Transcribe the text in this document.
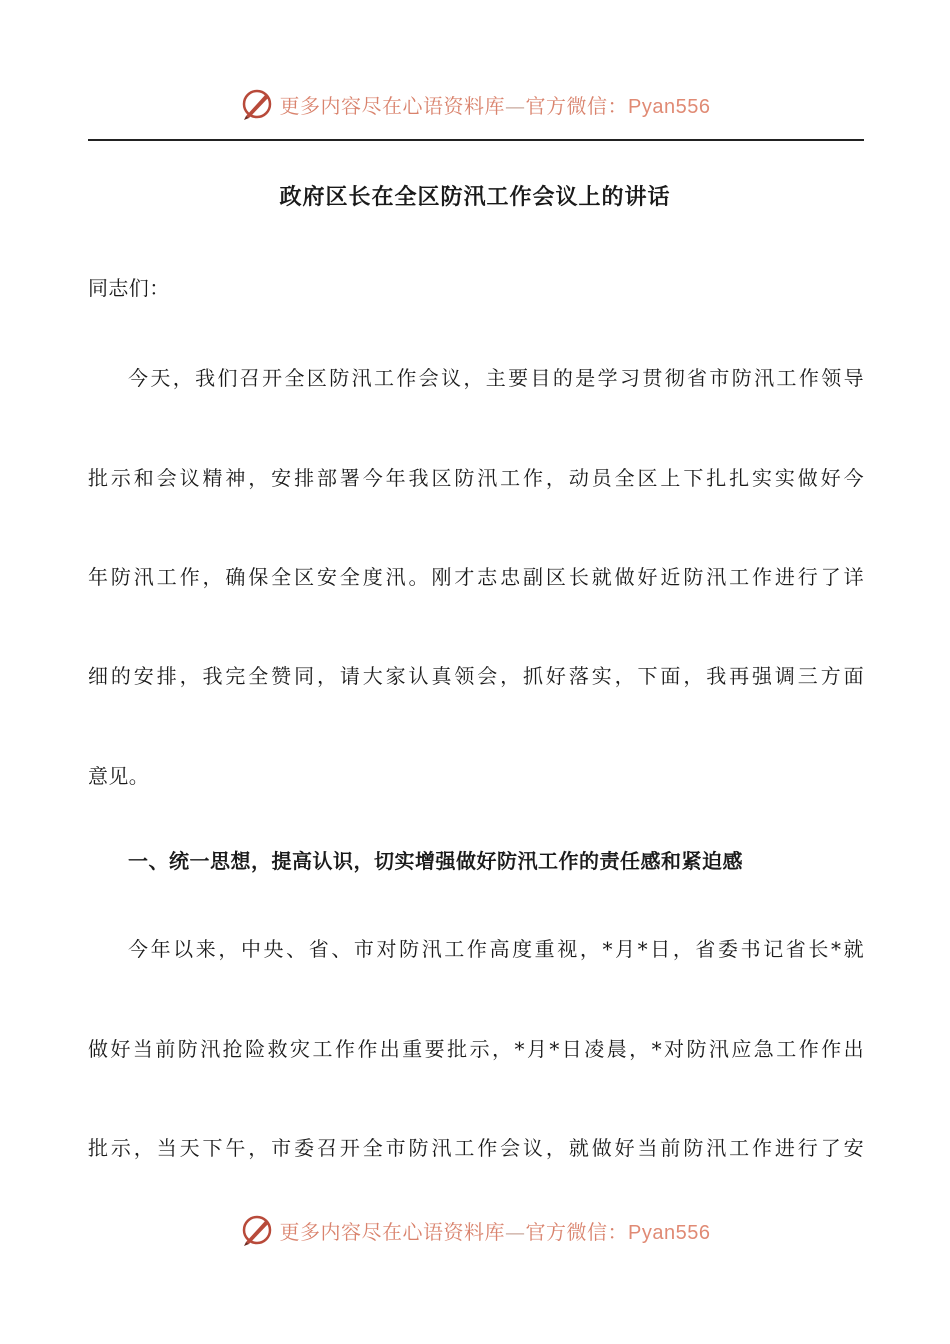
更多内容尽在心语资料库—官方微信：Pyan556
政府区长在全区防汛工作会议上的讲话
同志们：
今天，我们召开全区防汛工作会议，主要目的是学习贯彻省市防汛工作领导
批示和会议精神，安排部署今年我区防汛工作，动员全区上下扎扎实实做好今
年防汛工作，确保全区安全度汛。刚才志忠副区长就做好近防汛工作进行了详
细的安排，我完全赞同，请大家认真领会，抓好落实，下面，我再强调三方面
意见。
一、统一思想，提高认识，切实增强做好防汛工作的责任感和紧迫感
今年以来，中央、省、市对防汛工作高度重视，*月*日，省委书记省长*就
做好当前防汛抢险救灾工作作出重要批示，*月*日凌晨，*对防汛应急工作作出
批示，当天下午，市委召开全市防汛工作会议，就做好当前防汛工作进行了安
更多内容尽在心语资料库—官方微信：Pyan556
